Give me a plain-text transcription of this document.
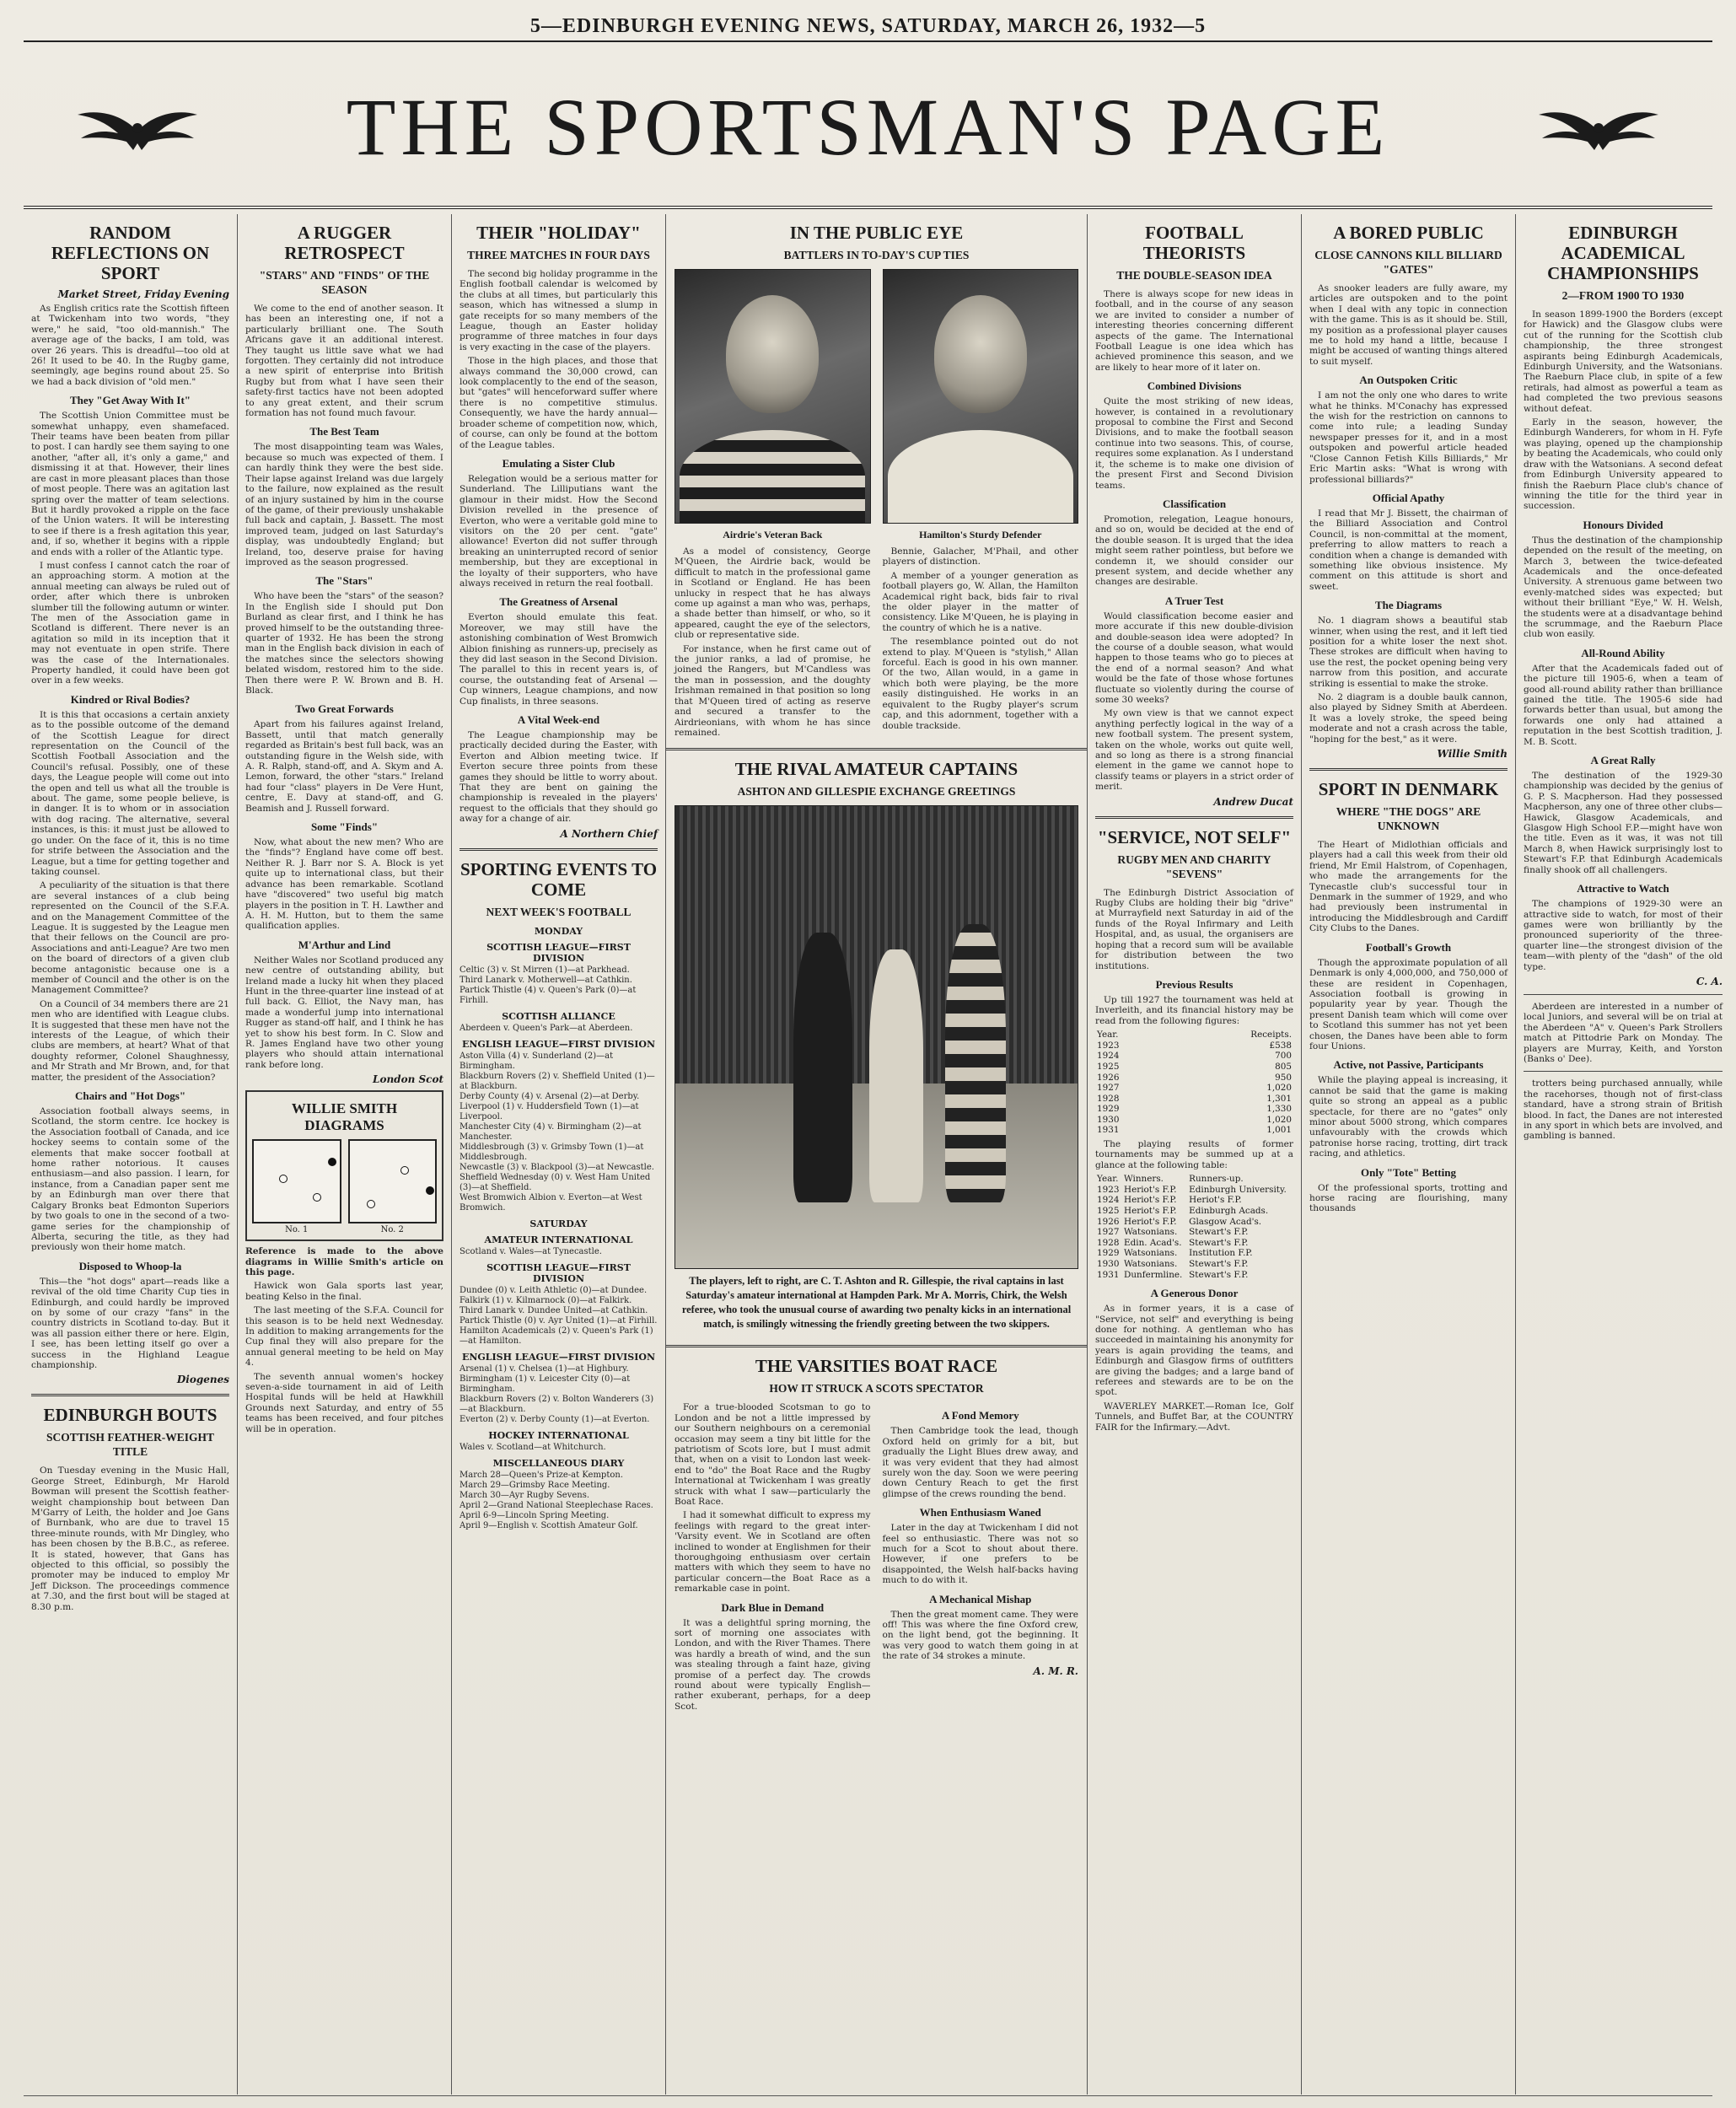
5—EDINBURGH EVENING NEWS, SATURDAY, MARCH 26, 1932—5
THE SPORTSMAN'S PAGE
RANDOM REFLECTIONS ON SPORT
Market Street, Friday Evening

As English critics rate the Scottish fifteen at Twickenham into two words, "they were," he said, "too old-mannish." The average age of the backs, I am told, was over 26 years. This is dreadful—too old at 26! It used to be 40. In the Rugby game, seemingly, age begins round about 25. So we had a back division of "old men."

They "Get Away With It"

The Scottish Union Committee must be somewhat unhappy, even shamefaced. Their teams have been beaten from pillar to post. I can hardly see them saying to one another, "after all, it's only a game," and dismissing it at that. However, their lines are cast in more pleasant places than those of most people. There was an agitation last spring over the matter of team selections. But it hardly provoked a ripple on the face of the Union waters. It will be interesting to see if there is a fresh agitation this year, and, if so, whether it begins with a ripple and ends with a roller of the Atlantic type.

I must confess I cannot catch the roar of an approaching storm. A motion at the annual meeting can always be ruled out of order, after which there is unbroken slumber till the following autumn or winter. The men of the Association game in Scotland is different. There never is an agitation so mild in its inception that it may not eventuate in open strife. There was the case of the Internationales. Property handled, it could have been got over in a few weeks.

Kindred or Rival Bodies?

It is this that occasions a certain anxiety as to the possible outcome of the demand of the Scottish League for direct representation on the Council of the Scottish Football Association and the Council's refusal. Possibly, one of these days, the League people will come out into the open and tell us what all the trouble is about. The game, some people believe, is in danger. It is to whom or in association with dog racing. The alternative, several instances, is this: it must just be allowed to go under. On the face of it, this is no time for strife between the Association and the League, but a time for getting together and taking counsel.

A peculiarity of the situation is that there are several instances of a club being represented on the Council of the S.F.A. and on the Management Committee of the League. It is suggested by the League men that their fellows on the Council are pro-Associations and anti-League? Are two men on the board of directors of a given club become antagonistic because one is a member of Council and the other is on the Management Committee?

On a Council of 34 members there are 21 men who are identified with League clubs. It is suggested that these men have not the interests of the League, of which their clubs are members, at heart? What of that doughty reformer, Colonel Shaughnessy, and Mr Strath and Mr Brown, and, for that matter, the president of the Association?

Chairs and "Hot Dogs"

Association football always seems, in Scotland, the storm centre. Ice hockey is the Association football of Canada, and ice hockey seems to contain some of the elements that make soccer football at home rather notorious. It causes enthusiasm—and also passion. I learn, for instance, from a Canadian paper sent me by an Edinburgh man over there that Calgary Bronks beat Edmonton Superiors by two goals to one in the second of a two-game series for the championship of Alberta, securing the title, as they had previously won their home match.

Disposed to Whoop-la

This—the "hot dogs" apart—reads like a revival of the old time Charity Cup ties in Edinburgh, and could hardly be improved on by some of our crazy "fans" in the country districts in Scotland to-day. But it was all passion either there or here. Elgin, I see, has been letting itself go over a success in the Highland League championship.

Diogenes
EDINBURGH BOUTS
SCOTTISH FEATHER-WEIGHT TITLE

On Tuesday evening in the Music Hall, George Street, Edinburgh, Mr Harold Bowman will present the Scottish feather-weight championship bout between Dan M'Garry of Leith, the holder and Joe Gans of Burnbank, who are due to travel 15 three-minute rounds, with Mr Dingley, who has been chosen by the B.B.C., as referee. It is stated, however, that Gans has objected to this official, so possibly the promoter may be induced to employ Mr Jeff Dickson. The proceedings commence at 7.30, and the first bout will be staged at 8.30 p.m.

A RUGGER RETROSPECT
"STARS" AND "FINDS" OF THE SEASON

We come to the end of another season. It has been an interesting one, if not a particularly brilliant one. The South Africans gave it an additional interest. They taught us little save what we had forgotten. They certainly did not introduce a new spirit of enterprise into British Rugby but from what I have seen their safety-first tactics have not been adopted to any great extent, and their scrum formation has not found much favour.

The Best Team

The most disappointing team was Wales, because so much was expected of them. I can hardly think they were the best side. Their lapse against Ireland was due largely to the failure, now explained as the result of an injury sustained by him in the course of the game, of their previously unshakable full back and captain, J. Bassett. The most improved team, judged on last Saturday's display, was undoubtedly England; but Ireland, too, deserve praise for having improved as the season progressed.

The "Stars"

Who have been the "stars" of the season? In the English side I should put Don Burland as clear first, and I think he has proved himself to be the outstanding three-quarter of 1932. He has been the strong man in the English back division in each of the matches since the selectors showing belated wisdom, restored him to the side. Then there were P. W. Brown and B. H. Black.

Two Great Forwards

Apart from his failures against Ireland, Bassett, until that match generally regarded as Britain's best full back, was an outstanding figure in the Welsh side, with A. R. Ralph, stand-off, and A. Skym and A. Lemon, forward, the other "stars." Ireland had four "class" players in De Vere Hunt, centre, E. Davy at stand-off, and G. Beamish and J. Russell forward.

Some "Finds"

Now, what about the new men? Who are the "finds"? England have come off best. Neither R. J. Barr nor S. A. Block is yet quite up to international class, but their advance has been remarkable. Scotland have "discovered" two useful big match players in the position in T. H. Lawther and A. H. M. Hutton, but to them the same qualification applies.

M'Arthur and Lind

Neither Wales nor Scotland produced any new centre of outstanding ability, but Ireland made a lucky hit when they placed Hunt in the three-quarter line instead of at full back. G. Elliot, the Navy man, has made a wonderful jump into international Rugger as stand-off half, and I think he has yet to show his best form. In C. Slow and R. James England have two other young players who should attain international rank before long.

London Scot
WILLIE SMITH DIAGRAMS
No. 1	No. 2

Reference is made to the above diagrams in Willie Smith's article on this page.

Hawick won Gala sports last year, beating Kelso in the final.

The last meeting of the S.F.A. Council for this season is to be held next Wednesday. In addition to making arrangements for the Cup final they will also prepare for the annual general meeting to be held on May 4.

The seventh annual women's hockey seven-a-side tournament in aid of Leith Hospital funds will be held at Hawkhill Grounds next Saturday, and entry of 55 teams has been received, and four pitches will be in operation.

THEIR "HOLIDAY"
THREE MATCHES IN FOUR DAYS

The second big holiday programme in the English football calendar is welcomed by the clubs at all times, but particularly this season, which has witnessed a slump in gate receipts for so many members of the League, though an Easter holiday programme of three matches in four days is very exacting in the case of the players.

Those in the high places, and those that always command the 30,000 crowd, can look complacently to the end of the season, but "gates" will henceforward suffer where there is no competitive stimulus. Consequently, we have the hardy annual—broader scheme of competition now, which, of course, can only be found at the bottom of the League tables.

Emulating a Sister Club

Relegation would be a serious matter for Sunderland. The Lilliputians want the glamour in their midst. How the Second Division revelled in the presence of Everton, who were a veritable gold mine to visitors on the 20 per cent. "gate" allowance! Everton did not suffer through breaking an uninterrupted record of senior membership, but they are exceptional in the loyalty of their supporters, who have always received in return the real football.

The Greatness of Arsenal

Everton should emulate this feat. Moreover, we may still have the astonishing combination of West Bromwich Albion finishing as runners-up, precisely as they did last season in the Second Division. The parallel to this in recent years is, of course, the outstanding feat of Arsenal — Cup winners, League champions, and now Cup finalists, in three seasons.

A Vital Week-end

The League championship may be practically decided during the Easter, with Everton and Albion meeting twice. If Everton secure three points from these games they should be little to worry about. That they are bent on gaining the championship is revealed in the players' request to the officials that they should go away for a change of air.

A Northern Chief
SPORTING EVENTS TO COME
NEXT WEEK'S FOOTBALL
MONDAY
SCOTTISH LEAGUE—FIRST DIVISION
Celtic (3) v. St Mirren (1)—at Parkhead.
Third Lanark v. Motherwell—at Cathkin.
Partick Thistle (4) v. Queen's Park (0)—at Firhill.
SCOTTISH ALLIANCE
Aberdeen v. Queen's Park—at Aberdeen.
ENGLISH LEAGUE—FIRST DIVISION
Aston Villa (4) v. Sunderland (2)—at Birmingham.
Blackburn Rovers (2) v. Sheffield United (1)—at Blackburn.
Derby County (4) v. Arsenal (2)—at Derby.
Liverpool (1) v. Huddersfield Town (1)—at Liverpool.
Manchester City (4) v. Birmingham (2)—at Manchester.
Middlesbrough (3) v. Grimsby Town (1)—at Middlesbrough.
Newcastle (3) v. Blackpool (3)—at Newcastle.
Sheffield Wednesday (0) v. West Ham United (3)—at Sheffield.
West Bromwich Albion v. Everton—at West Bromwich.
SATURDAY
AMATEUR INTERNATIONAL
Scotland v. Wales—at Tynecastle.
SCOTTISH LEAGUE—FIRST DIVISION
Dundee (0) v. Leith Athletic (0)—at Dundee.
Falkirk (1) v. Kilmarnock (0)—at Falkirk.
Third Lanark v. Dundee United—at Cathkin.
Partick Thistle (0) v. Ayr United (1)—at Firhill.
Hamilton Academicals (2) v. Queen's Park (1)—at Hamilton.
ENGLISH LEAGUE—FIRST DIVISION
Arsenal (1) v. Chelsea (1)—at Highbury.
Birmingham (1) v. Leicester City (0)—at Birmingham.
Blackburn Rovers (2) v. Bolton Wanderers (3)—at Blackburn.
Everton (2) v. Derby County (1)—at Everton.
HOCKEY INTERNATIONAL
Wales v. Scotland—at Whitchurch.
MISCELLANEOUS DIARY
March 28—Queen's Prize-at Kempton.
March 29—Grimsby Race Meeting.
March 30—Ayr Rugby Sevens.
April 2—Grand National Steeplechase Races.
April 6-9—Lincoln Spring Meeting.
April 9—English v. Scottish Amateur Golf.
IN THE PUBLIC EYE
BATTLERS IN TO-DAY'S CUP TIES
Airdrie's Veteran Back	Hamilton's Sturdy Defender

As a model of consistency, George M'Queen, the Airdrie back, would be difficult to match in the professional game in Scotland or England. He has been unlucky in respect that he has always come up against a man who was, perhaps, a shade better than himself, or who, so it appeared, caught the eye of the selectors, club or representative side.

For instance, when he first came out of the junior ranks, a lad of promise, he joined the Rangers, but M'Candless was the man in possession, and the doughty Irishman remained in that position so long that M'Queen tired of acting as reserve and secured a transfer to the Airdrieonians, with whom he has since remained.

Bennie, Galacher, M'Phail, and other players of distinction.

A member of a younger generation as football players go, W. Allan, the Hamilton Academical right back, bids fair to rival the older player in the matter of consistency. Like M'Queen, he is playing in the country of which he is a native.

The resemblance pointed out do not extend to play. M'Queen is "stylish," Allan forceful. Each is good in his own manner. Of the two, Allan would, in a game in which both were playing, be the more easily distinguished. He works in an equivalent to the Rugby player's scrum cap, and this adornment, together with a double trackside.

THE RIVAL AMATEUR CAPTAINS
ASHTON AND GILLESPIE EXCHANGE GREETINGS
The players, left to right, are C. T. Ashton and R. Gillespie, the rival captains in last Saturday's amateur international at Hampden Park. Mr A. Morris, Chirk, the Welsh referee, who took the unusual course of awarding two penalty kicks in an international match, is smilingly witnessing the friendly greeting between the two skippers.
THE VARSITIES BOAT RACE
HOW IT STRUCK A SCOTS SPECTATOR

For a true-blooded Scotsman to go to London and be not a little impressed by our Southern neighbours on a ceremonial occasion may seem a tiny bit little for the patriotism of Scots lore, but I must admit that, when on a visit to London last week-end to "do" the Boat Race and the Rugby International at Twickenham I was greatly struck with what I saw—particularly the Boat Race.

I had it somewhat difficult to express my feelings with regard to the great inter-'Varsity event. We in Scotland are often inclined to wonder at Englishmen for their thoroughgoing enthusiasm over certain matters with which they seem to have no particular concern—the Boat Race as a remarkable case in point.

Dark Blue in Demand

It was a delightful spring morning, the sort of morning one associates with London, and with the River Thames. There was hardly a breath of wind, and the sun was stealing through a faint haze, giving promise of a perfect day. The crowds round about were typically English—rather exuberant, perhaps, for a deep Scot.

A Fond Memory

Then Cambridge took the lead, though Oxford held on grimly for a bit, but gradually the Light Blues drew away, and it was very evident that they had almost surely won the day. Soon we were peering down Century Reach to get the first glimpse of the crews rounding the bend.

When Enthusiasm Waned

Later in the day at Twickenham I did not feel so enthusiastic. There was not so much for a Scot to shout about there. However, if one prefers to be disappointed, the Welsh half-backs having much to do with it.

A Mechanical Mishap

Then the great moment came. They were off! This was where the fine Oxford crew, on the light bend, got the beginning. It was very good to watch them going in at the rate of 34 strokes a minute.

A. M. R.
FOOTBALL THEORISTS
THE DOUBLE-SEASON IDEA

There is always scope for new ideas in football, and in the course of any season we are invited to consider a number of interesting theories concerning different aspects of the game. The International Football League is one idea which has achieved prominence this season, and we are likely to hear more of it later on.

Combined Divisions

Quite the most striking of new ideas, however, is contained in a revolutionary proposal to combine the First and Second Divisions, and to make the football season continue into two seasons. This, of course, requires some explanation. As I understand it, the scheme is to make one division of the present First and Second Division teams.

Classification

Promotion, relegation, League honours, and so on, would be decided at the end of the double season. It is urged that the idea might seem rather pointless, but before we condemn it, we should consider our present system, and decide whether any changes are desirable.

A Truer Test

Would classification become easier and more accurate if this new double-division and double-season idea were adopted? In the course of a double season, what would happen to those teams who go to pieces at the end of a normal season? And what would be the fate of those whose fortunes fluctuate so violently during the course of some 30 weeks?

My own view is that we cannot expect anything perfectly logical in the way of a new football system. The present system, taken on the whole, works out quite well, and so long as there is a strong financial element in the game we cannot hope to classify teams or players in a strict order of merit.

Andrew Ducat
"SERVICE, NOT SELF"
RUGBY MEN AND CHARITY "SEVENS"

The Edinburgh District Association of Rugby Clubs are holding their big "drive" at Murrayfield next Saturday in aid of the funds of the Royal Infirmary and Leith Hospital, and, as usual, the organisers are hoping that a record sum will be available for distribution between the two institutions.

Previous Results

Up till 1927 the tournament was held at Inverleith, and its financial history may be read from the following figures:

Year.	Receipts.
1923	£538
1924	700
1925	805
1926	950
1927	1,020
1928	1,301
1929	1,330
1930	1,020
1931	1,001

The playing results of former tournaments may be summed up at a glance at the following table:

Year.	Winners.	Runners-up.
1923	Heriot's F.P.	Edinburgh University.
1924	Heriot's F.P.	Heriot's F.P.
1925	Heriot's F.P.	Edinburgh Acads.
1926	Heriot's F.P.	Glasgow Acad's.
1927	Watsonians.	Stewart's F.P.
1928	Edin. Acad's.	Stewart's F.P.
1929	Watsonians.	Institution F.P.
1930	Watsonians.	Stewart's F.P.
1931	Dunfermline.	Stewart's F.P.
A Generous Donor

As in former years, it is a case of "Service, not self" and everything is being done for nothing. A gentleman who has succeeded in maintaining his anonymity for years is again providing the teams, and Edinburgh and Glasgow firms of outfitters are giving the badges; and a large band of referees and stewards are to be on the spot.

WAVERLEY MARKET.—Roman Ice, Golf Tunnels, and Buffet Bar, at the COUNTRY FAIR for the Infirmary.—Advt.

A BORED PUBLIC
CLOSE CANNONS KILL BILLIARD "GATES"

As snooker leaders are fully aware, my articles are outspoken and to the point when I deal with any topic in connection with the game. This is as it should be. Still, my position as a professional player causes me to hold my hand a little, because I might be accused of wanting things altered to suit myself.

An Outspoken Critic

I am not the only one who dares to write what he thinks. M'Conachy has expressed the wish for the restriction on cannons to come into rule; a leading Sunday newspaper presses for it, and in a most outspoken and powerful article headed "Close Cannon Fetish Kills Billiards," Mr Eric Martin asks: "What is wrong with professional billiards?"

Official Apathy

I read that Mr J. Bissett, the chairman of the Billiard Association and Control Council, is non-committal at the moment, preferring to allow matters to reach a condition when a change is demanded with something like obvious insistence. My comment on this attitude is short and sweet.

The Diagrams

No. 1 diagram shows a beautiful stab winner, when using the rest, and it left tied position for a white loser the next shot. These strokes are difficult when having to use the rest, the pocket opening being very narrow from this position, and accurate striking is essential to make the stroke.

No. 2 diagram is a double baulk cannon, also played by Sidney Smith at Aberdeen. It was a lovely stroke, the speed being moderate and not a crash across the table, "hoping for the best," as it were.

Willie Smith
SPORT IN DENMARK
WHERE "THE DOGS" ARE UNKNOWN

The Heart of Midlothian officials and players had a call this week from their old friend, Mr Emil Halstrom, of Copenhagen, who made the arrangements for the Tynecastle club's successful tour in Denmark in the summer of 1929, and who had previously been instrumental in introducing the Middlesbrough and Cardiff City Clubs to the Danes.

Football's Growth

Though the approximate population of all Denmark is only 4,000,000, and 750,000 of these are resident in Copenhagen, Association football is growing in popularity year by year. Though the present Danish team which will come over to Scotland this summer has not yet been chosen, the Danes have been able to form four Unions.

Active, not Passive, Participants

While the playing appeal is increasing, it cannot be said that the game is making quite so strong an appeal as a public spectacle, for there are no "gates" only minor about 5000 strong, which compares unfavourably with the crowds which patronise horse racing, trotting, dirt track racing, and athletics.

Only "Tote" Betting

Of the professional sports, trotting and horse racing are flourishing, many thousands

EDINBURGH ACADEMICAL CHAMPIONSHIPS
2—FROM 1900 TO 1930

In season 1899-1900 the Borders (except for Hawick) and the Glasgow clubs were cut of the running for the Scottish club championship, the three strongest aspirants being Edinburgh Academicals, Edinburgh University, and the Watsonians. The Raeburn Place club, in spite of a few retirals, had almost as powerful a team as had completed the two previous seasons without defeat.

Early in the season, however, the Edinburgh Wanderers, for whom in H. Fyfe was playing, opened up the championship by beating the Academicals, who could only draw with the Watsonians. A second defeat from Edinburgh University appeared to finish the Raeburn Place club's chance of winning the title for the third year in succession.

Honours Divided

Thus the destination of the championship depended on the result of the meeting, on March 3, between the twice-defeated Academicals and the once-defeated University. A strenuous game between two evenly-matched sides was expected; but without their brilliant "Eye," W. H. Welsh, the students were at a disadvantage behind the scrummage, and the Raeburn Place club won easily.

All-Round Ability

After that the Academicals faded out of the picture till 1905-6, when a team of good all-round ability rather than brilliance gained the title. The 1905-6 side had forwards better than usual, but among the forwards one only had attained a reputation in the best Scottish tradition, J. M. B. Scott.

A Great Rally

The destination of the 1929-30 championship was decided by the genius of G. P. S. Macpherson. Had they possessed Macpherson, any one of three other clubs—Hawick, Glasgow Academicals, and Glasgow High School F.P.—might have won the title. Even as it was, it was not till March 8, when Hawick surprisingly lost to Stewart's F.P. that Edinburgh Academicals finally shook off all challengers.

Attractive to Watch

The champions of 1929-30 were an attractive side to watch, for most of their games were won brilliantly by the pronounced superiority of the three-quarter line—the strongest division of the team—with plenty of the "dash" of the old type.

C. A.

Aberdeen are interested in a number of local Juniors, and several will be on trial at the Aberdeen "A" v. Queen's Park Strollers match at Pittodrie Park on Monday. The players are Murray, Keith, and Yorston (Banks o' Dee).

trotters being purchased annually, while the racehorses, though not of first-class standard, have a strong strain of British blood. In fact, the Danes are not interested in any sport in which bets are involved, and gambling is banned.
